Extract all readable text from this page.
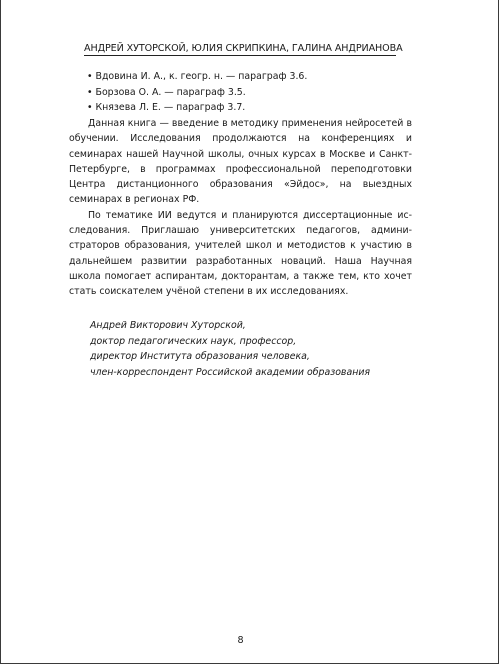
АНДРЕЙ ХУТОРСКОЙ, ЮЛИЯ СКРИПКИНА, ГАЛИНА АНДРИАНОВА
• Вдовина И. А., к. геогр. н. — параграф 3.6.
• Борзова О. А. — параграф 3.5.
• Князева Л. Е. — параграф 3.7.

Данная книга — введение в методику применения нейросетей в обучении. Исследования продолжаются на конференциях и семинарах нашей Научной школы, очных курсах в Москве и Санкт-Петербурге, в программах профессиональной переподготовки Центра дистанционного образования «Эйдос», на выездных семинарах в регионах РФ.

По тематике ИИ ведутся и планируются диссертационные исследования. Приглашаю университетских педагогов, администраторов образования, учителей школ и методистов к участию в дальнейшем развитии разработанных новаций. Наша Научная школа помогает аспирантам, докторантам, а также тем, кто хочет стать соискателем учёной степени в их исследованиях.

Андрей Викторович Хуторской,
доктор педагогических наук, профессор,
директор Института образования человека,
член-корреспондент Российской академии образования
8
